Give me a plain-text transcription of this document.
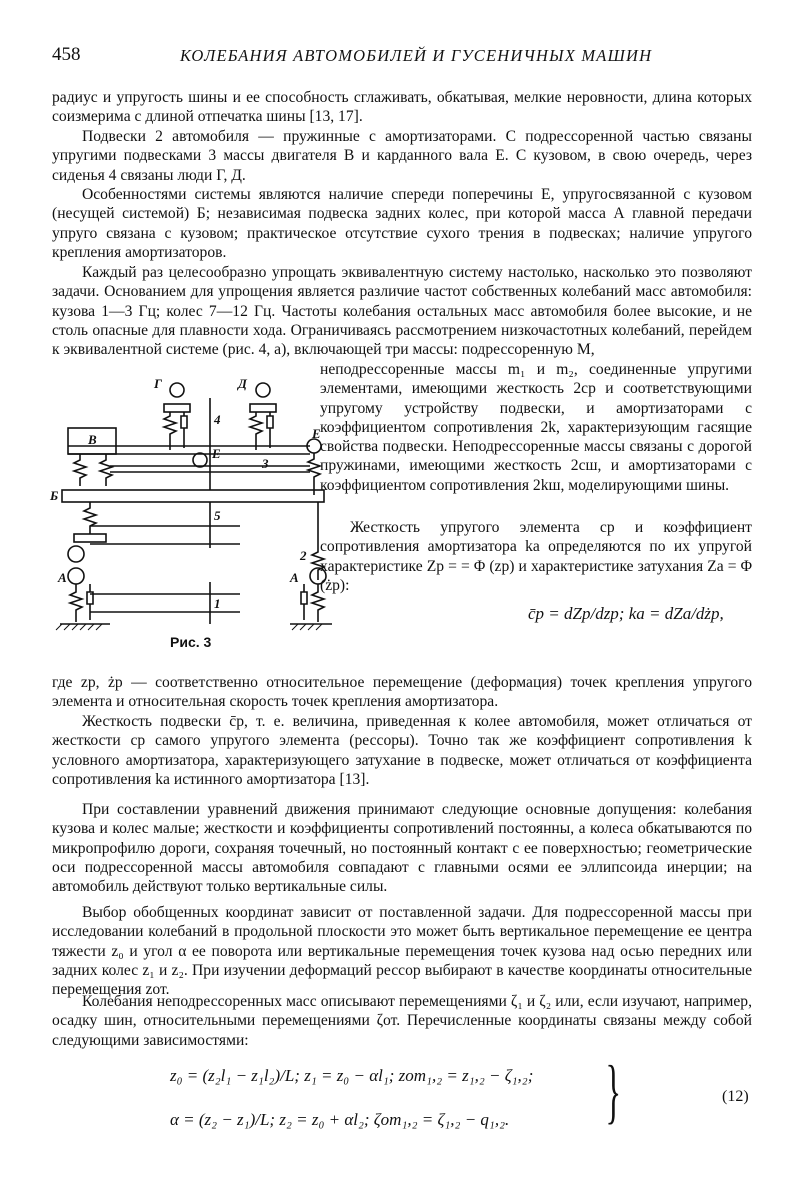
458	КОЛЕБАНИЯ АВТОМОБИЛЕЙ И ГУСЕНИЧНЫХ МАШИН
радиус и упругость шины и ее способность сглаживать, обкатывая, мелкие неровности, длина которых соизмерима с длиной отпечатка шины [13, 17].
Подвески 2 автомобиля — пружинные с амортизаторами. С подрессоренной частью связаны упругими подвесками 3 массы двигателя В и карданного вала Е. С кузовом, в свою очередь, через сиденья 4 связаны люди Г, Д.
Особенностями системы являются наличие спереди поперечины Е, упругосвязанной с кузовом (несущей системой) Б; независимая подвеска задних колес, при которой масса А главной передачи упруго связана с кузовом; практическое отсутствие сухого трения в подвесках; наличие упругого крепления амортизаторов.
Каждый раз целесообразно упрощать эквивалентную систему настолько, насколько это позволяют задачи. Основанием для упрощения является различие частот собственных колебаний масс автомобиля: кузова 1—3 Гц; колес 7—12 Гц. Частоты колебания остальных масс автомобиля более высокие, и не столь опасные для плавности хода. Ограничиваясь рассмотрением низкочастотных колебаний, перейдем к эквивалентной системе (рис. 4, а), включающей три массы: подрессоренную М,
неподрессоренные массы m₁ и m₂, соединенные упругими элементами, имеющими жесткость 2cр и соответствующими упругому устройству подвески, и амортизаторами с коэффициентом сопротивления 2k, характеризующим гасящие свойства подвески. Неподрессоренные массы связаны с дорогой пружинами, имеющими жесткость 2cш, и амортизаторами с коэффициентом сопротивления 2kш, моделирующими шины.
Жесткость упругого элемента cр и коэффициент сопротивления амортизатора kа определяются по их упругой характеристике Zр = = Φ (zр) и характеристике затухания Zа = Φ (żр):
Г	Д
В
Е
Е
Б
А	А
4
5
1
3
2
Рис. 3
c̄р = dZр/dzр; kа = dZа/dżр,
где zр, żр — соответственно относительное перемещение (деформация) точек крепления упругого элемента и относительная скорость точек крепления амортизатора.
Жесткость подвески c̄р, т. е. величина, приведенная к колее автомобиля, может отличаться от жесткости cр самого упругого элемента (рессоры). Точно так же коэффициент сопротивления k условного амортизатора, характеризующего затухание в подвеске, может отличаться от коэффициента сопротивления kа истинного амортизатора [13].
При составлении уравнений движения принимают следующие основные допущения: колебания кузова и колес малые; жесткости и коэффициенты сопротивлений постоянны, а колеса обкатываются по микропрофилю дороги, сохраняя точечный, но постоянный контакт с ее поверхностью; геометрические оси подрессоренной массы автомобиля совпадают с главными осями ее эллипсоида инерции; на автомобиль действуют только вертикальные силы.
Выбор обобщенных координат зависит от поставленной задачи. Для подрессоренной массы при исследовании колебаний в продольной плоскости это может быть вертикальное перемещение ее центра тяжести z₀ и угол α ее поворота или вертикальные перемещения точек кузова над осью передних или задних колес z₁ и z₂. При изучении деформаций рессор выбирают в качестве координаты относительные перемещения zот.
Колебания неподрессоренных масс описывают перемещениями ζ₁ и ζ₂ или, если изучают, например, осадку шин, относительными перемещениями ζот. Перечисленные координаты связаны между собой следующими зависимостями:
z₀ = (z₂l₁ − z₁l₂)/L; z₁ = z₀ − αl₁; zот₁,₂ = z₁,₂ − ζ₁,₂;
α = (z₂ − z₁)/L; z₂ = z₀ + αl₂; ζот₁,₂ = ζ₁,₂ − q₁,₂. }	(12)
